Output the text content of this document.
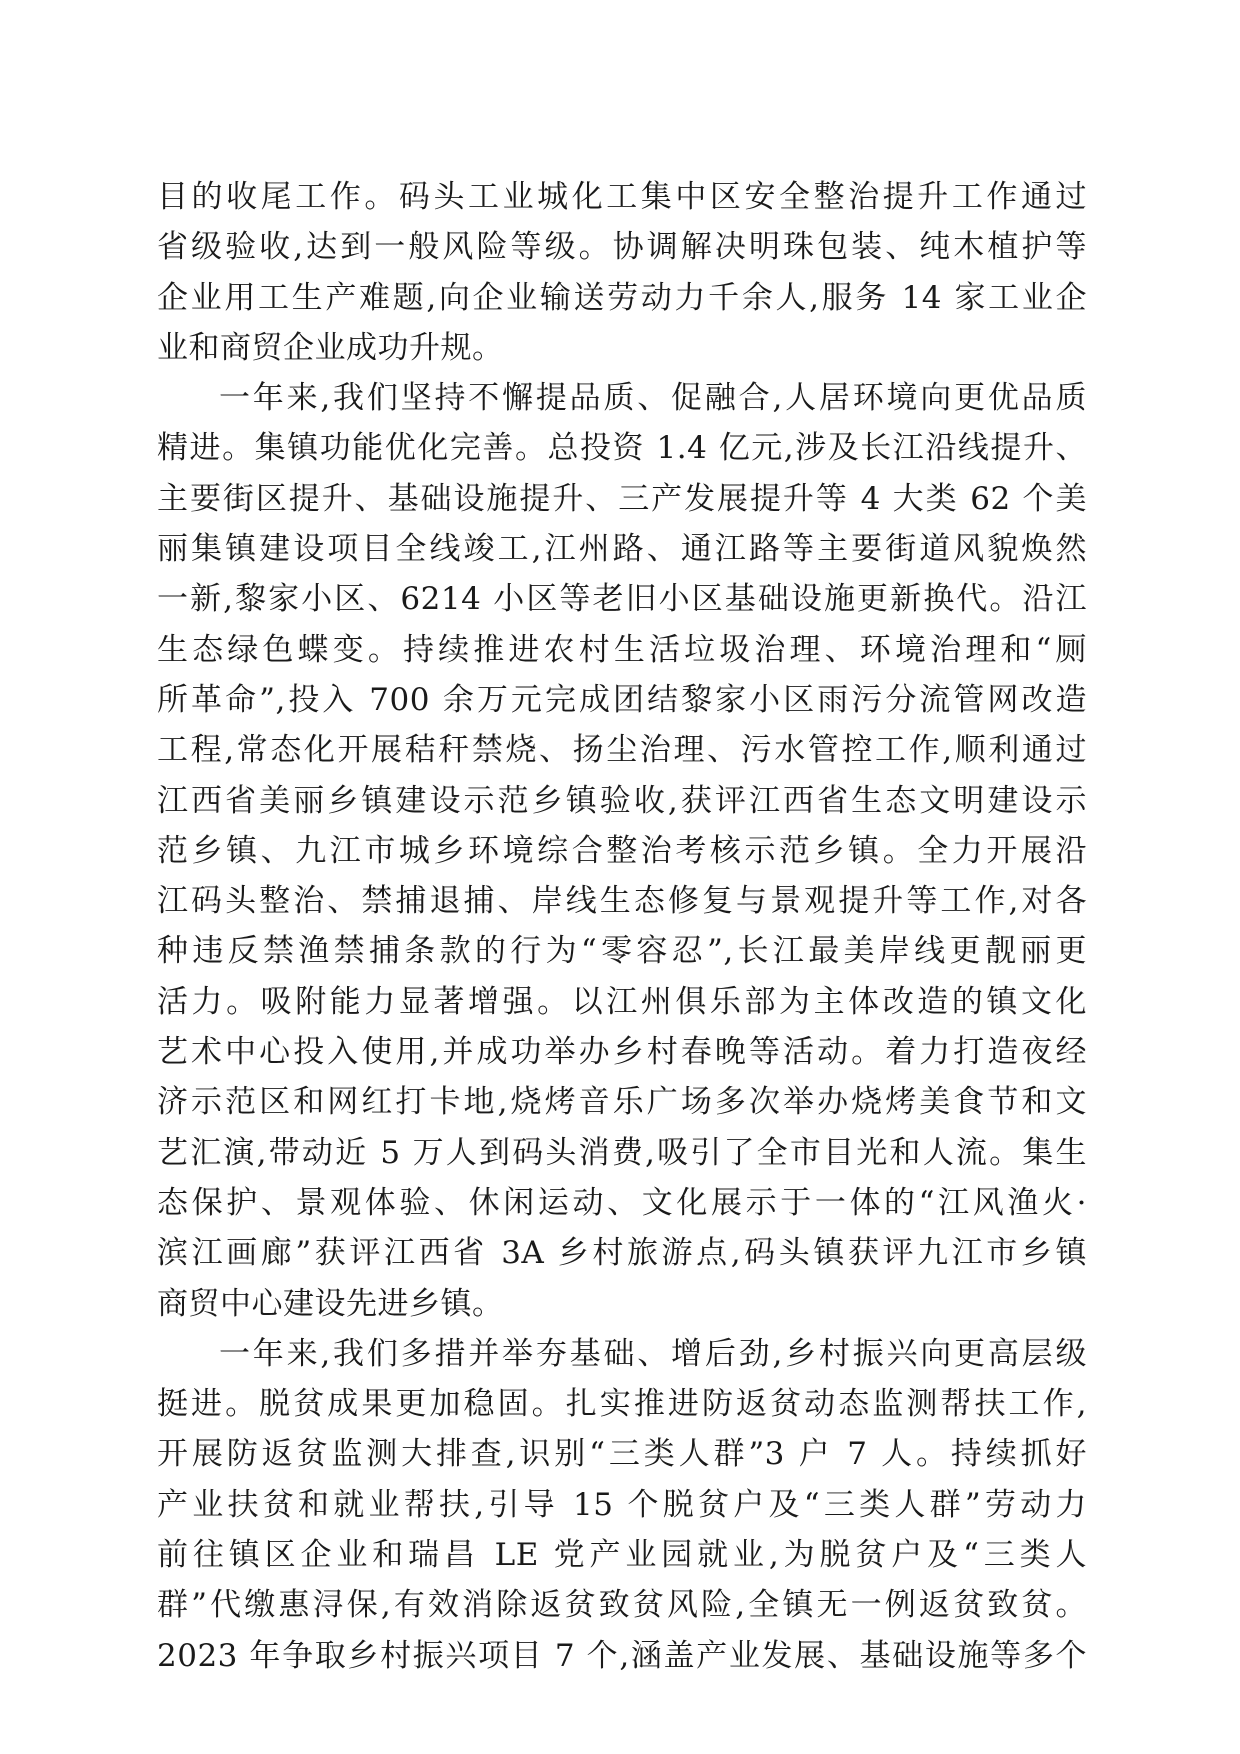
目的收尾工作。码头工业城化工集中区安全整治提升工作通过
省级验收,达到一般风险等级。协调解决明珠包装、纯木植护等
企业用工生产难题,向企业输送劳动力千余人,服务 14 家工业企
业和商贸企业成功升规。
一年来,我们坚持不懈提品质、促融合,人居环境向更优品质
精进。集镇功能优化完善。总投资 1.4 亿元,涉及长江沿线提升、
主要街区提升、基础设施提升、三产发展提升等 4 大类 62 个美
丽集镇建设项目全线竣工,江州路、通江路等主要街道风貌焕然
一新,黎家小区、6214 小区等老旧小区基础设施更新换代。沿江
生态绿色蝶变。持续推进农村生活垃圾治理、环境治理和“厕
所革命”,投入 700 余万元完成团结黎家小区雨污分流管网改造
工程,常态化开展秸秆禁烧、扬尘治理、污水管控工作,顺利通过
江西省美丽乡镇建设示范乡镇验收,获评江西省生态文明建设示
范乡镇、九江市城乡环境综合整治考核示范乡镇。全力开展沿
江码头整治、禁捕退捕、岸线生态修复与景观提升等工作,对各
种违反禁渔禁捕条款的行为“零容忍”,长江最美岸线更靓丽更
活力。吸附能力显著增强。以江州俱乐部为主体改造的镇文化
艺术中心投入使用,并成功举办乡村春晚等活动。着力打造夜经
济示范区和网红打卡地,烧烤音乐广场多次举办烧烤美食节和文
艺汇演,带动近 5 万人到码头消费,吸引了全市目光和人流。集生
态保护、景观体验、休闲运动、文化展示于一体的“江风渔火·
滨江画廊”获评江西省 3A 乡村旅游点,码头镇获评九江市乡镇
商贸中心建设先进乡镇。
一年来,我们多措并举夯基础、增后劲,乡村振兴向更高层级
挺进。脱贫成果更加稳固。扎实推进防返贫动态监测帮扶工作,
开展防返贫监测大排查,识别“三类人群”3 户 7 人。持续抓好
产业扶贫和就业帮扶,引导 15 个脱贫户及“三类人群”劳动力
前往镇区企业和瑞昌 LE 党产业园就业,为脱贫户及“三类人
群”代缴惠浔保,有效消除返贫致贫风险,全镇无一例返贫致贫。
2023 年争取乡村振兴项目 7 个,涵盖产业发展、基础设施等多个
